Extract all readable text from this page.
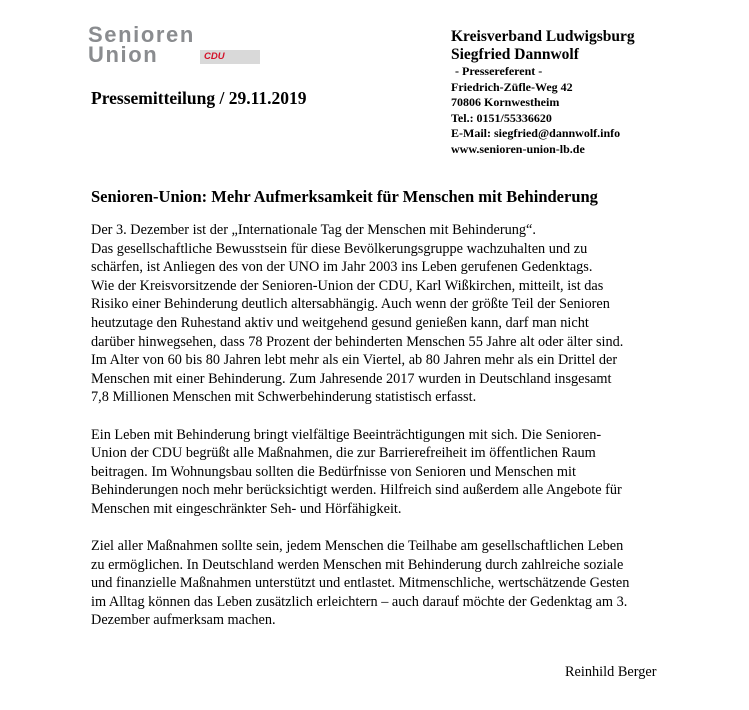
Senioren
Union	CDU
Pressemitteilung / 29.11.2019
Kreisverband Ludwigsburg
Siegfried Dannwolf
- Pressereferent -
Friedrich-Züfle-Weg 42
70806 Kornwestheim
Tel.: 0151/55336620
E-Mail: siegfried@dannwolf.info
www.senioren-union-lb.de
Senioren-Union: Mehr Aufmerksamkeit für Menschen mit Behinderung
Der 3. Dezember ist der „Internationale Tag der Menschen mit Behinderung“.
Das gesellschaftliche Bewusstsein für diese Bevölkerungsgruppe wachzuhalten und zu
schärfen, ist Anliegen des von der UNO im Jahr 2003 ins Leben gerufenen Gedenktags.
Wie der Kreisvorsitzende der Senioren-Union der CDU, Karl Wißkirchen, mitteilt, ist das
Risiko einer Behinderung deutlich altersabhängig. Auch wenn der größte Teil der Senioren
heutzutage den Ruhestand aktiv und weitgehend gesund genießen kann, darf man nicht
darüber hinwegsehen, dass 78 Prozent der behinderten Menschen 55 Jahre alt oder älter sind.
Im Alter von 60 bis 80 Jahren lebt mehr als ein Viertel, ab 80 Jahren mehr als ein Drittel der
Menschen mit einer Behinderung. Zum Jahresende 2017 wurden in Deutschland insgesamt
7,8 Millionen Menschen mit Schwerbehinderung statistisch erfasst.
Ein Leben mit Behinderung bringt vielfältige Beeinträchtigungen mit sich. Die Senioren-
Union der CDU begrüßt alle Maßnahmen, die zur Barrierefreiheit im öffentlichen Raum
beitragen. Im Wohnungsbau sollten die Bedürfnisse von Senioren und Menschen mit
Behinderungen noch mehr berücksichtigt werden. Hilfreich sind außerdem alle Angebote für
Menschen mit eingeschränkter Seh- und Hörfähigkeit.
Ziel aller Maßnahmen sollte sein, jedem Menschen die Teilhabe am gesellschaftlichen Leben
zu ermöglichen. In Deutschland werden Menschen mit Behinderung durch zahlreiche soziale
und finanzielle Maßnahmen unterstützt und entlastet. Mitmenschliche, wertschätzende Gesten
im Alltag können das Leben zusätzlich erleichtern – auch darauf möchte der Gedenktag am 3.
Dezember aufmerksam machen.
Reinhild Berger
